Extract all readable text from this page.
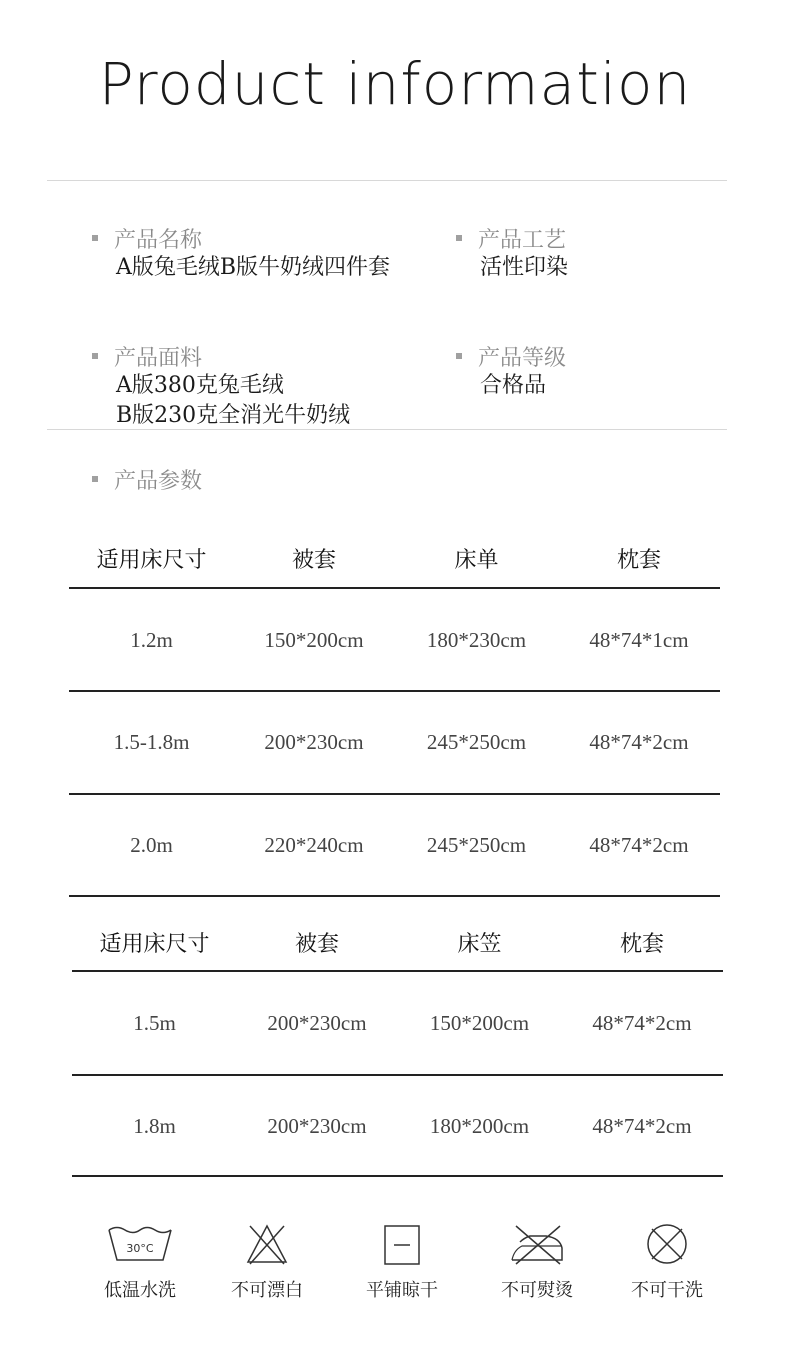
Product information
产品名称
A版兔毛绒B版牛奶绒四件套
产品工艺
活性印染
产品面料
A版380克兔毛绒
B版230克全消光牛奶绒
产品等级
合格品
产品参数
适用床尺寸	被套	床单	枕套
1.2m	150*200cm	180*230cm	48*74*1cm
1.5-1.8m	200*230cm	245*250cm	48*74*2cm
2.0m	220*240cm	245*250cm	48*74*2cm
适用床尺寸	被套	床笠	枕套
1.5m	200*230cm	150*200cm	48*74*2cm
1.8m	200*230cm	180*200cm	48*74*2cm
30°C
低温水洗	不可漂白	平铺晾干	不可熨烫	不可干洗
